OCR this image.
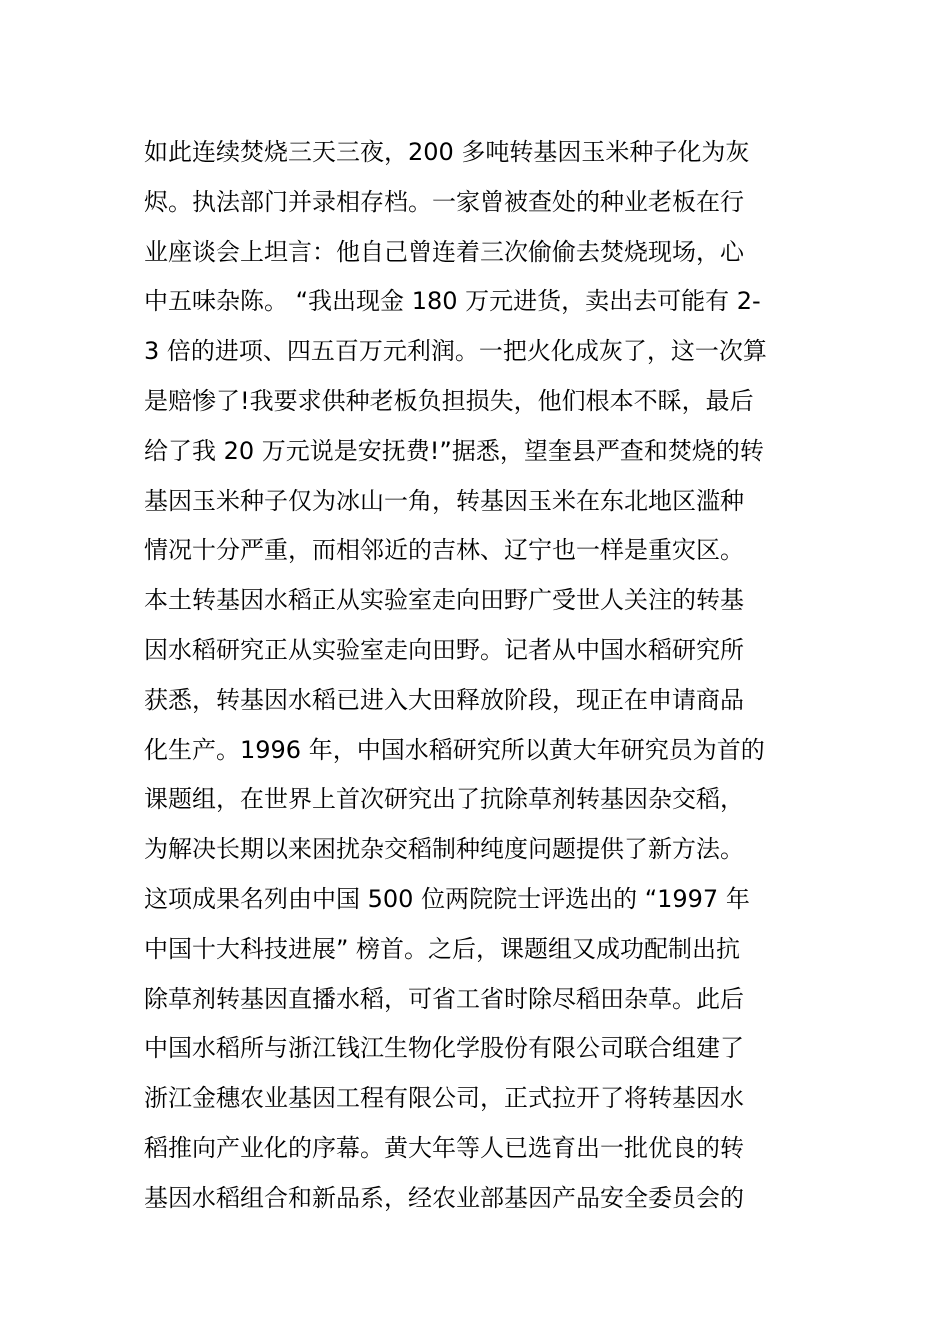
如此连续焚烧三天三夜，200 多吨转基因玉米种子化为灰
烬。执法部门并录相存档。一家曾被查处的种业老板在行
业座谈会上坦言：他自己曾连着三次偷偷去焚烧现场，心
中五味杂陈。 “我出现金 180 万元进货，卖出去可能有 2-
3 倍的进项、四五百万元利润。一把火化成灰了，这一次算
是赔惨了!我要求供种老板负担损失，他们根本不睬，最后
给了我 20 万元说是安抚费!”据悉，望奎县严查和焚烧的转
基因玉米种子仅为冰山一角，转基因玉米在东北地区滥种
情况十分严重，而相邻近的吉林、辽宁也一样是重灾区。
本土转基因水稻正从实验室走向田野广受世人关注的转基
因水稻研究正从实验室走向田野。记者从中国水稻研究所
获悉，转基因水稻已进入大田释放阶段，现正在申请商品
化生产。1996 年，中国水稻研究所以黄大年研究员为首的
课题组，在世界上首次研究出了抗除草剂转基因杂交稻，
为解决长期以来困扰杂交稻制种纯度问题提供了新方法。
这项成果名列由中国 500 位两院院士评选出的 “1997 年
中国十大科技进展” 榜首。之后，课题组又成功配制出抗
除草剂转基因直播水稻，可省工省时除尽稻田杂草。此后
中国水稻所与浙江钱江生物化学股份有限公司联合组建了
浙江金穗农业基因工程有限公司，正式拉开了将转基因水
稻推向产业化的序幕。黄大年等人已选育出一批优良的转
基因水稻组合和新品系，经农业部基因产品安全委员会的
